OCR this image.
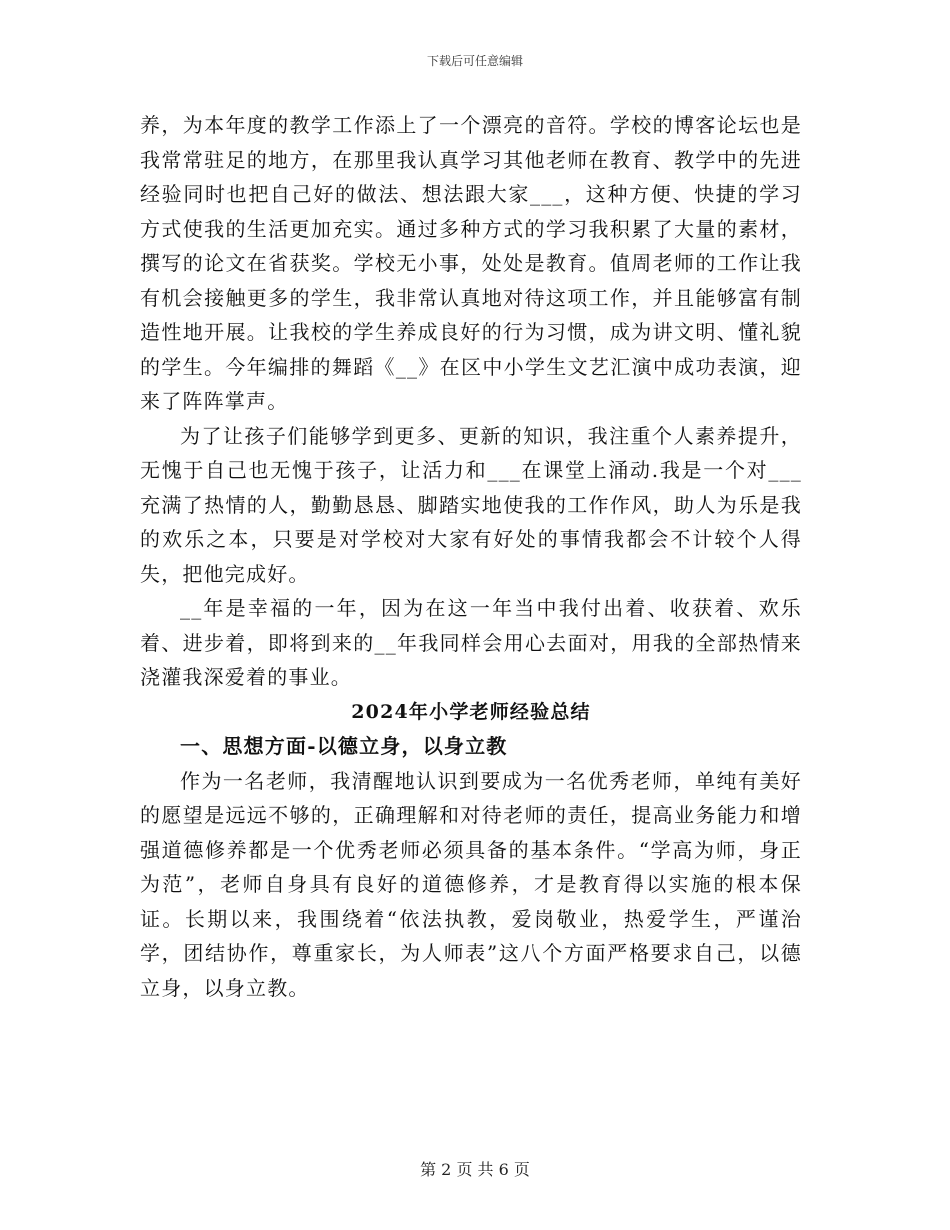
下载后可任意编辑

养，为本年度的教学工作添上了一个漂亮的音符。学校的博客论坛也是我常常驻足的地方，在那里我认真学习其他老师在教育、教学中的先进经验同时也把自己好的做法、想法跟大家___，这种方便、快捷的学习方式使我的生活更加充实。通过多种方式的学习我积累了大量的素材，撰写的论文在省获奖。学校无小事，处处是教育。值周老师的工作让我有机会接触更多的学生，我非常认真地对待这项工作，并且能够富有制造性地开展。让我校的学生养成良好的行为习惯，成为讲文明、懂礼貌的学生。今年编排的舞蹈《__》在区中小学生文艺汇演中成功表演，迎来了阵阵掌声。

为了让孩子们能够学到更多、更新的知识，我注重个人素养提升，无愧于自己也无愧于孩子，让活力和___在课堂上涌动.我是一个对___充满了热情的人，勤勤恳恳、脚踏实地使我的工作作风，助人为乐是我的欢乐之本，只要是对学校对大家有好处的事情我都会不计较个人得失，把他完成好。

__年是幸福的一年，因为在这一年当中我付出着、收获着、欢乐着、进步着，即将到来的__年我同样会用心去面对，用我的全部热情来浇灌我深爱着的事业。

2024年小学老师经验总结

一、思想方面-以德立身，以身立教

作为一名老师，我清醒地认识到要成为一名优秀老师，单纯有美好的愿望是远远不够的，正确理解和对待老师的责任，提高业务能力和增强道德修养都是一个优秀老师必须具备的基本条件。“学高为师，身正为范”，老师自身具有良好的道德修养，才是教育得以实施的根本保证。长期以来，我围绕着“依法执教，爱岗敬业，热爱学生，严谨治学，团结协作，尊重家长，为人师表”这八个方面严格要求自己，以德立身，以身立教。

第 2 页 共 6 页
